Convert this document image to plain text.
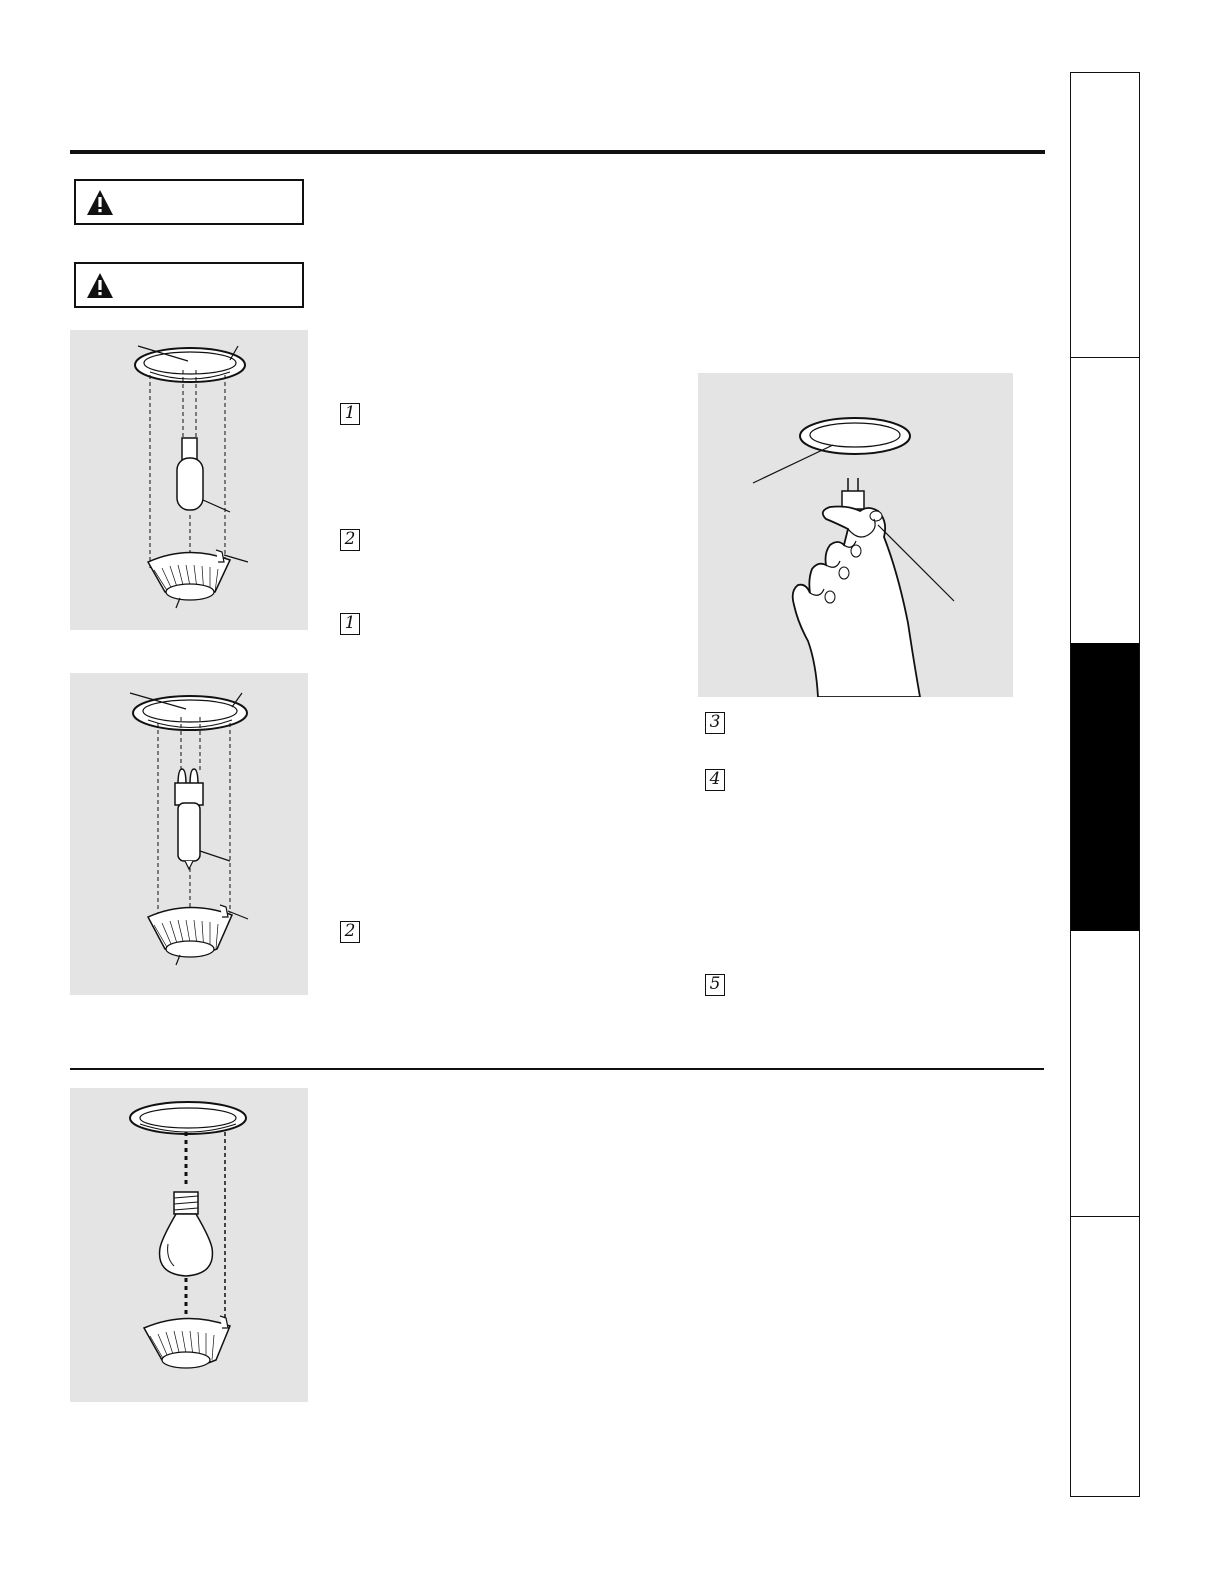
1
2
1
2
3
4
5
